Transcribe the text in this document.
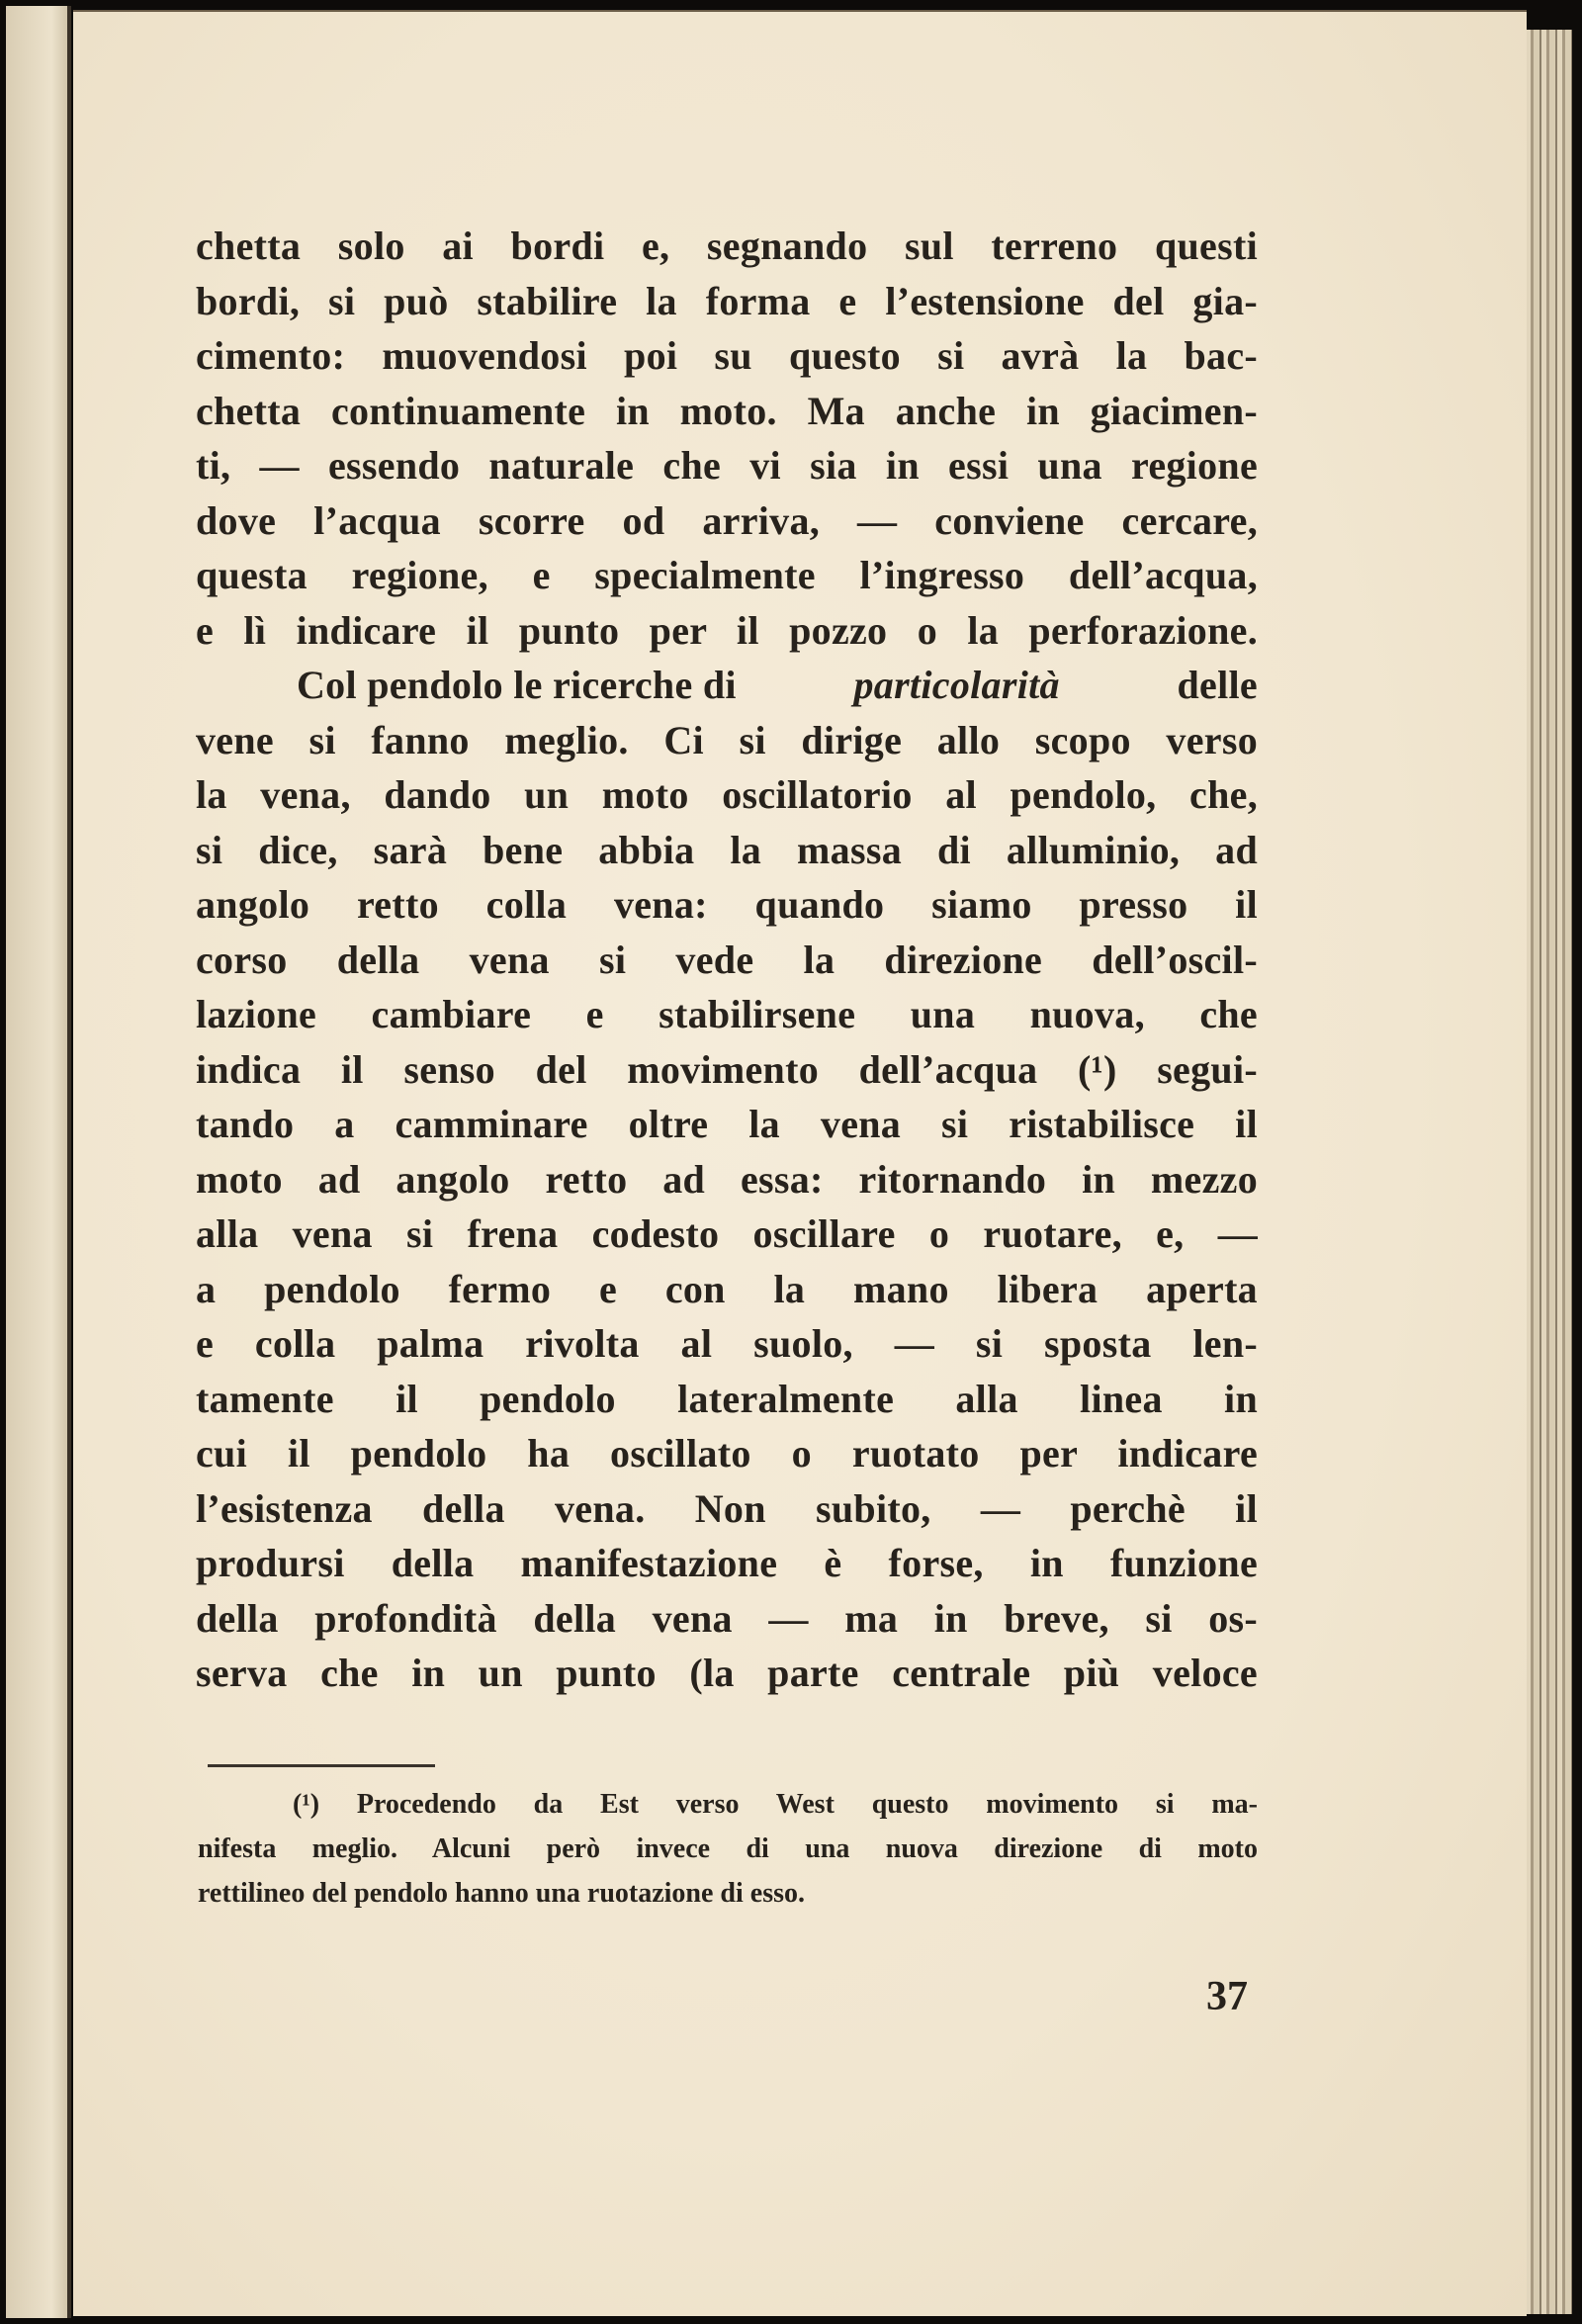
chetta solo ai bordi e, segnando sul terreno questi
bordi, si può stabilire la forma e l’estensione del gia-
cimento: muovendosi poi su questo si avrà la bac-
chetta continuamente in moto. Ma anche in giacimen-
ti, — essendo naturale che vi sia in essi una regione
dove l’acqua scorre od arriva, — conviene cercare,
questa regione, e specialmente l’ingresso dell’acqua,
e lì indicare il punto per il pozzo o la perforazione.
Col pendolo le ricerche di	particolarità	delle
vene si fanno meglio. Ci si dirige allo scopo verso
la vena, dando un moto oscillatorio al pendolo, che,
si dice, sarà bene abbia la massa di alluminio, ad
angolo retto colla vena: quando siamo presso il
corso della vena si vede la direzione dell’oscil-
lazione cambiare e stabilirsene una nuova, che
indica il senso del movimento dell’acqua (¹) segui-
tando a camminare oltre la vena si ristabilisce il
moto ad angolo retto ad essa: ritornando in mezzo
alla vena si frena codesto oscillare o ruotare, e, —
a pendolo fermo e con la mano libera aperta
e colla palma rivolta al suolo, — si sposta len-
tamente il pendolo lateralmente alla linea in
cui il pendolo ha oscillato o ruotato per indicare
l’esistenza della vena. Non subito, — perchè il
prodursi della manifestazione è forse, in funzione
della profondità della vena — ma in breve, si os-
serva che in un punto (la parte centrale più veloce
(¹) Procedendo da Est verso West questo movimento si ma-
nifesta meglio. Alcuni però invece di una nuova direzione di moto
rettilineo del pendolo hanno una ruotazione di esso.
37
